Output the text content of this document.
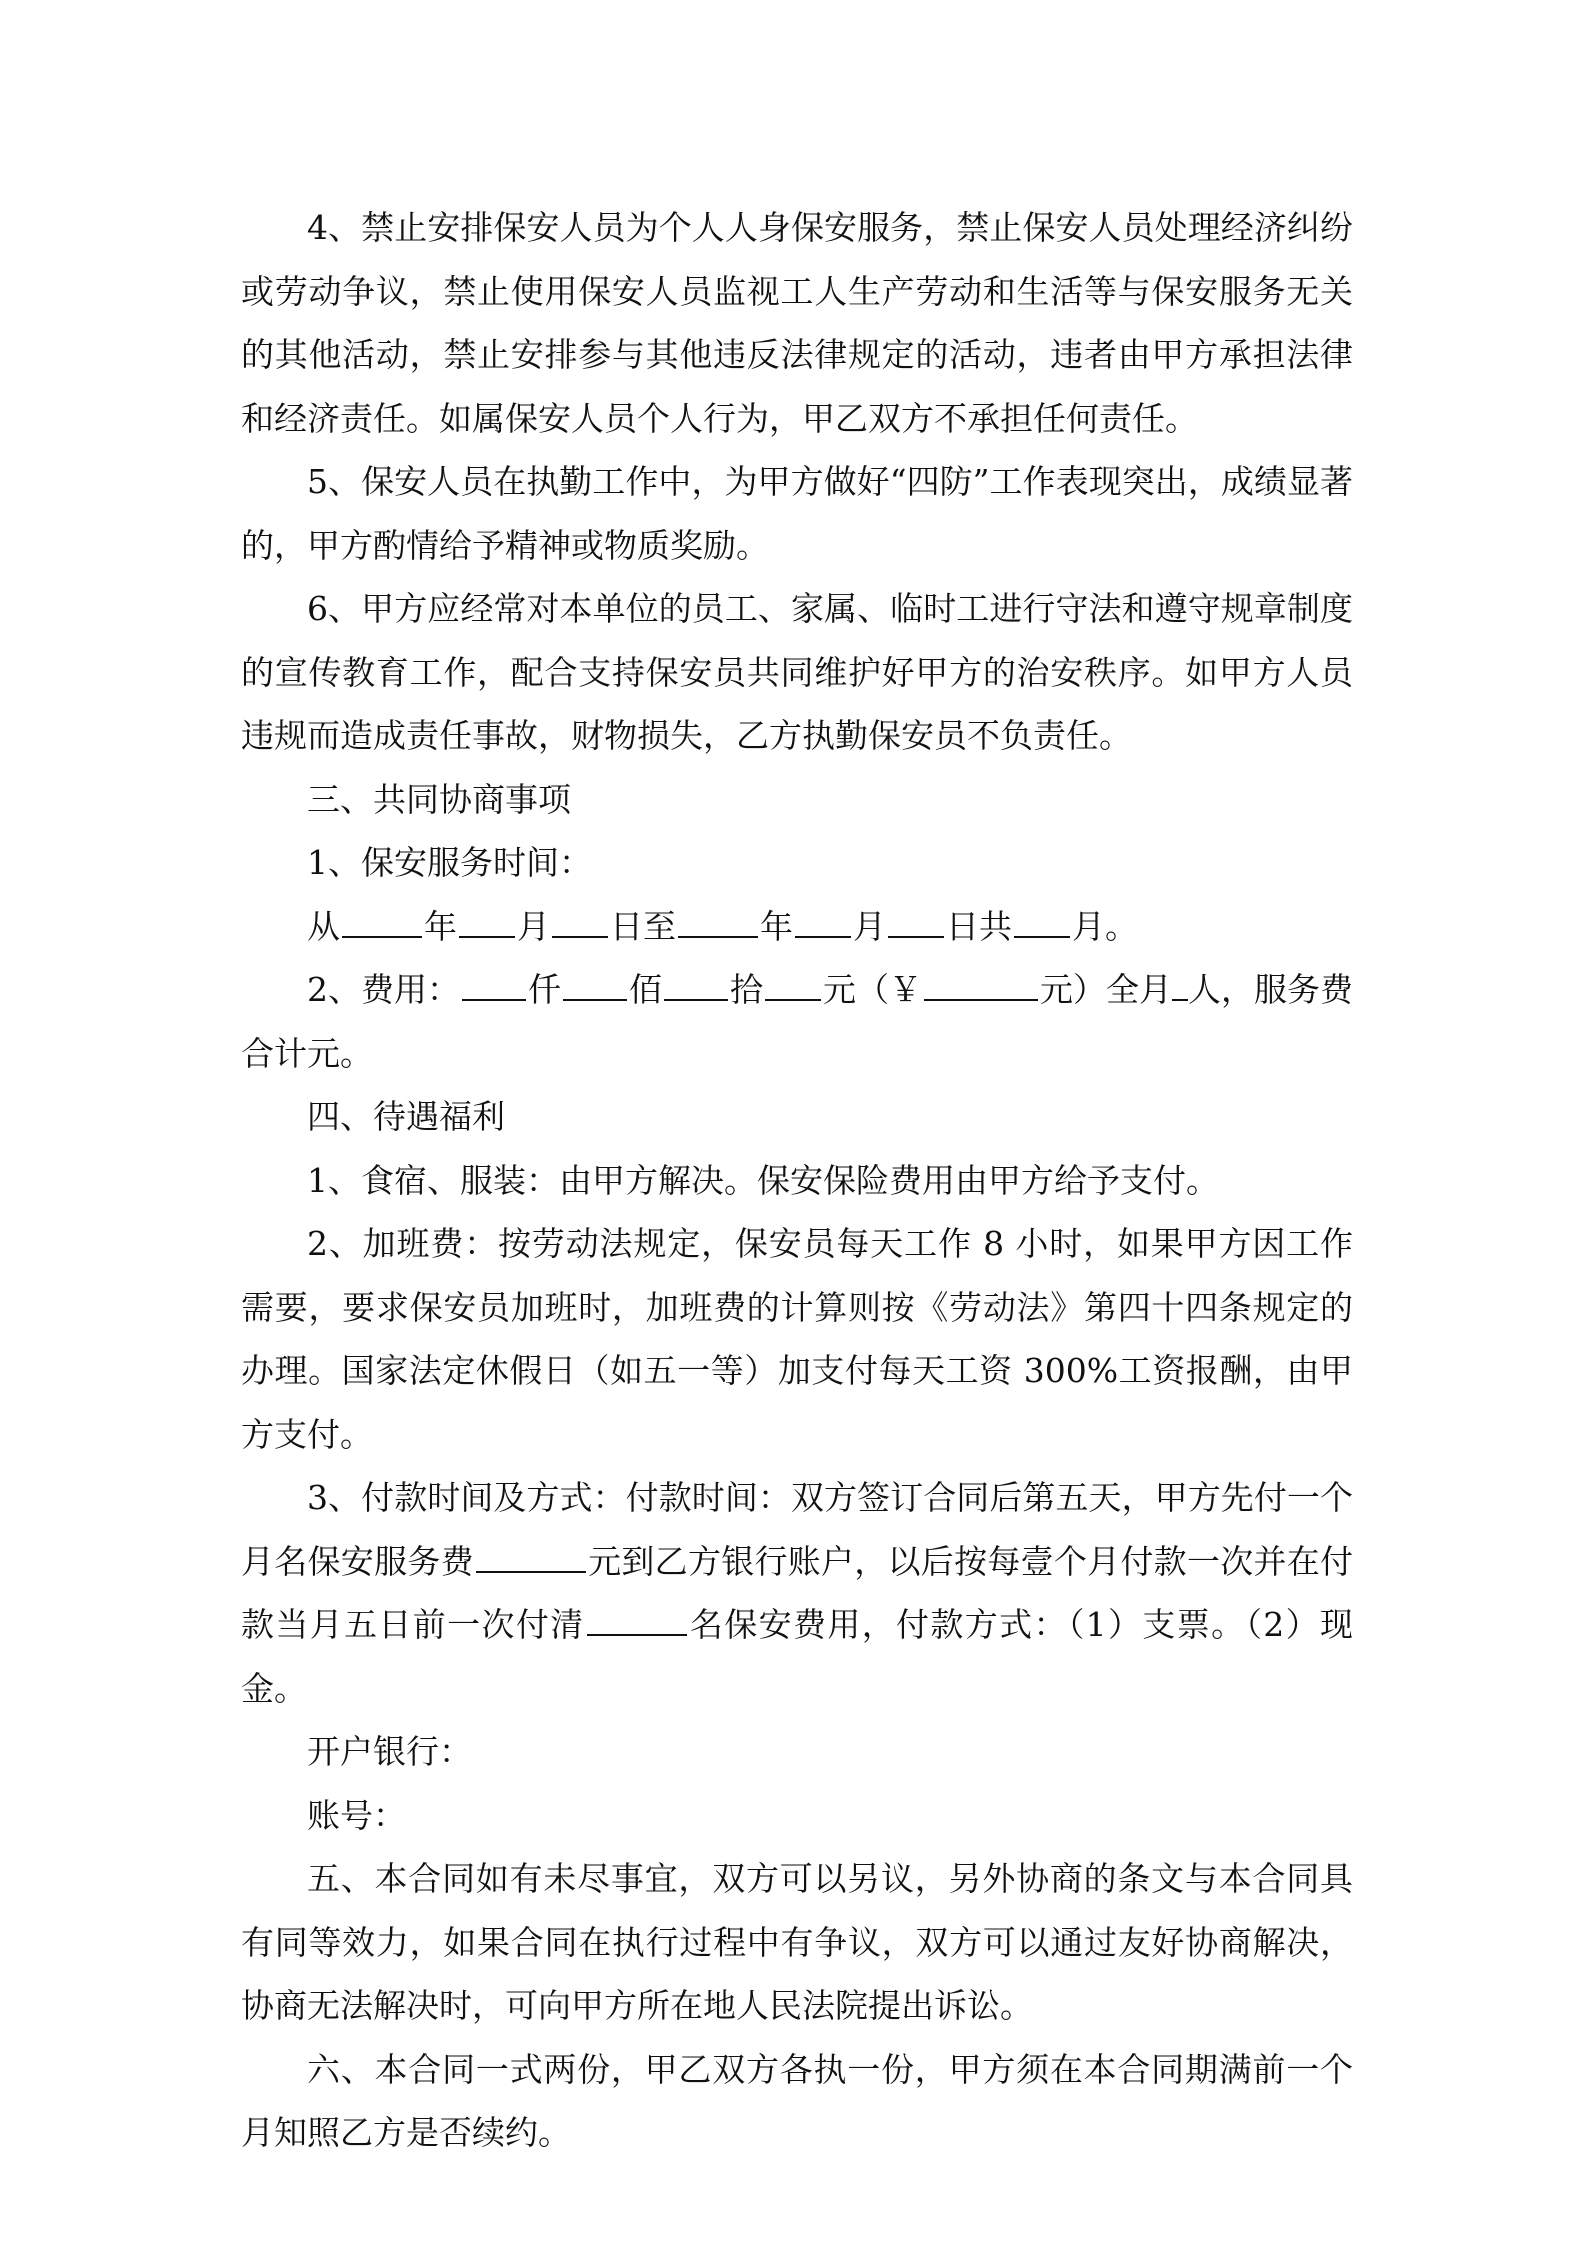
4、禁止安排保安人员为个人人身保安服务，禁止保安人员处理经济纠纷或劳动争议，禁止使用保安人员监视工人生产劳动和生活等与保安服务无关的其他活动，禁止安排参与其他违反法律规定的活动，违者由甲方承担法律和经济责任。如属保安人员个人行为，甲乙双方不承担任何责任。

5、保安人员在执勤工作中，为甲方做好“四防”工作表现突出，成绩显著的，甲方酌情给予精神或物质奖励。

6、甲方应经常对本单位的员工、家属、临时工进行守法和遵守规章制度的宣传教育工作，配合支持保安员共同维护好甲方的治安秩序。如甲方人员违规而造成责任事故，财物损失，乙方执勤保安员不负责任。

三、共同协商事项

1、保安服务时间：

从	年 月 日至	年 月 日共 月。

2、费用： 仟 佰 拾 元（￥	元）全月 人，服务费合计元。

四、待遇福利

1、食宿、服装：由甲方解决。保安保险费用由甲方给予支付。

2、加班费：按劳动法规定，保安员每天工作 8 小时，如果甲方因工作需要，要求保安员加班时，加班费的计算则按《劳动法》第四十四条规定的办理。国家法定休假日（如五一等）加支付每天工资 300%工资报酬，由甲方支付。

3、付款时间及方式：付款时间：双方签订合同后第五天，甲方先付一个月名保安服务费	元到乙方银行账户，以后按每壹个月付款一次并在付款当月五日前一次付清	名保安费用，付款方式：（1）支票。（2）现金。

开户银行：

账号：

五、本合同如有未尽事宜，双方可以另议，另外协商的条文与本合同具有同等效力，如果合同在执行过程中有争议，双方可以通过友好协商解决，协商无法解决时，可向甲方所在地人民法院提出诉讼。

六、本合同一式两份，甲乙双方各执一份，甲方须在本合同期满前一个月知照乙方是否续约。
